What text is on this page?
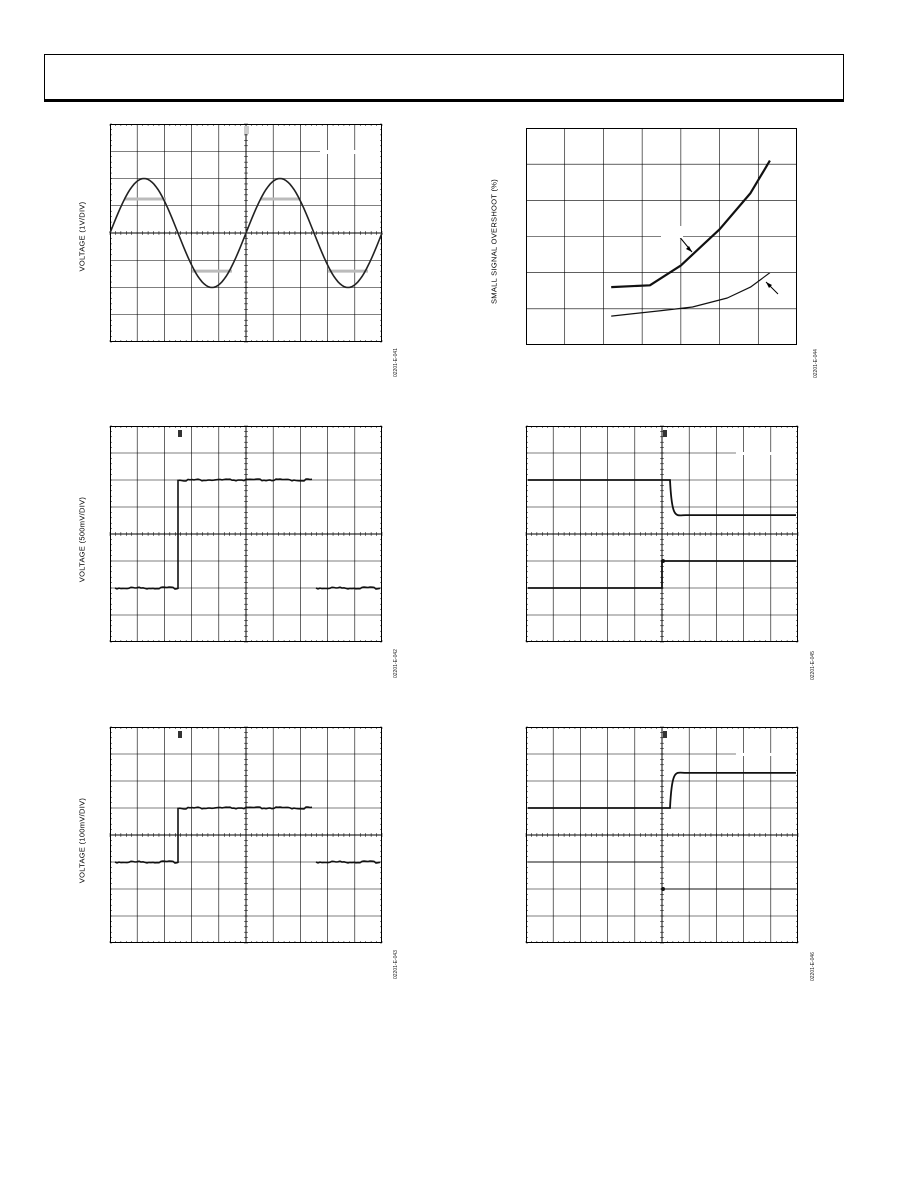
VOLTAGE (1V/DIV)
02201-E-041
VOLTAGE (500mV/DIV)
02201-E-042
VOLTAGE (100mV/DIV)
02201-E-043
SMALL SIGNAL OVERSHOOT (%)
02201-E-044
02201-E-045
02201-E-046
